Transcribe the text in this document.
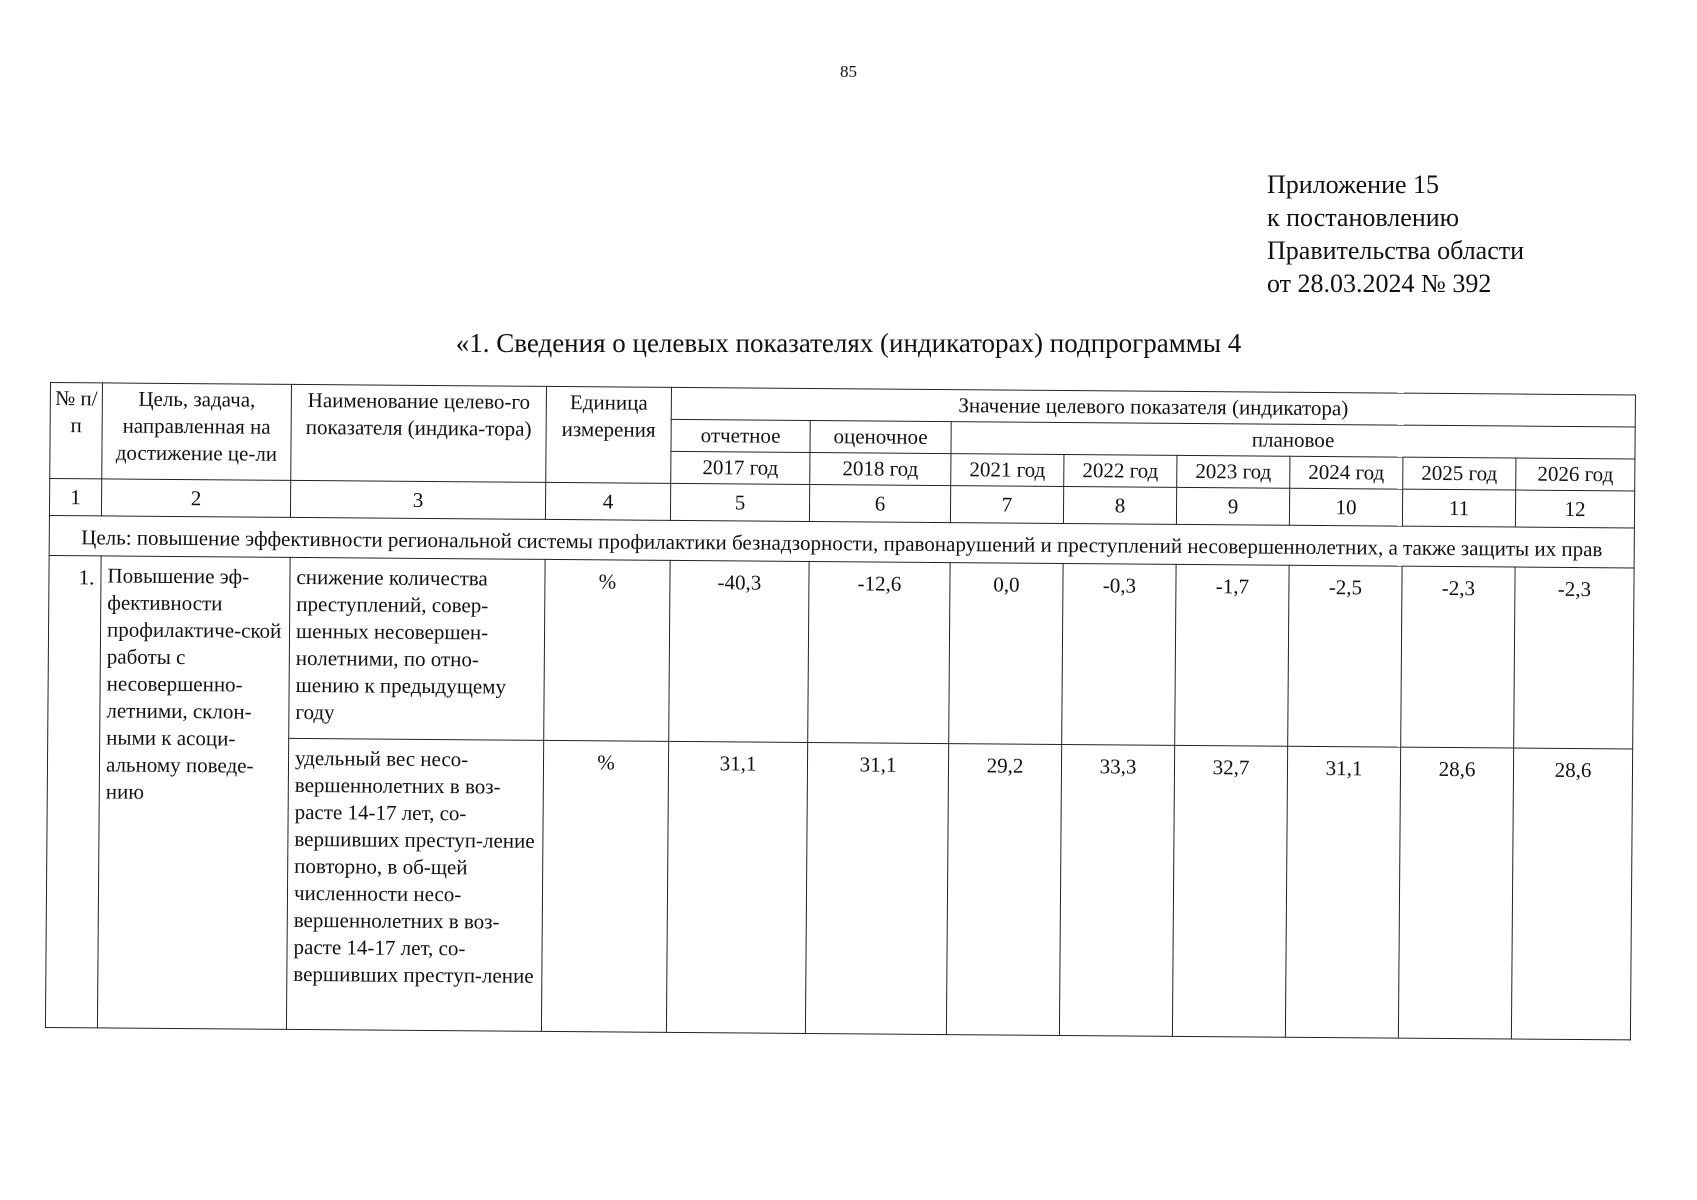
85
Приложение 15
к постановлению
Правительства области
от 28.03.2024 № 392
«1. Сведения о целевых показателях (индикаторах) подпрограммы 4
№ п/п	Цель, задача, направленная на достижение це-ли	Наименование целево-го показателя (индика-тора)	Единица измерения	Значение целевого показателя (индикатора)							
				отчетное	оценочное	плановое					
				2017 год	2018 год	2021 год	2022 год	2023 год	2024 год	2025 год	2026 год
1	2	3	4	5	6	7	8	9	10	11	12
Цель: повышение эффективности региональной системы профилактики безнадзорности, правонарушений и преступлений несовершеннолетних, а также защиты их прав											
1.	Повышение эф-фективности профилактиче-ской работы с несовершенно-летними, склон-ными к асоци-альному поведе-нию	снижение количества преступлений, совер-шенных несовершен-нолетними, по отно-шению к предыдущему году	%	-40,3	-12,6	0,0	-0,3	-1,7	-2,5	-2,3	-2,3
		удельный вес несо-вершеннолетних в воз-расте 14-17 лет, со-вершивших преступ-ление повторно, в об-щей численности несо-вершеннолетних в воз-расте 14-17 лет, со-вершивших преступ-ление	%	31,1	31,1	29,2	33,3	32,7	31,1	28,6	28,6
